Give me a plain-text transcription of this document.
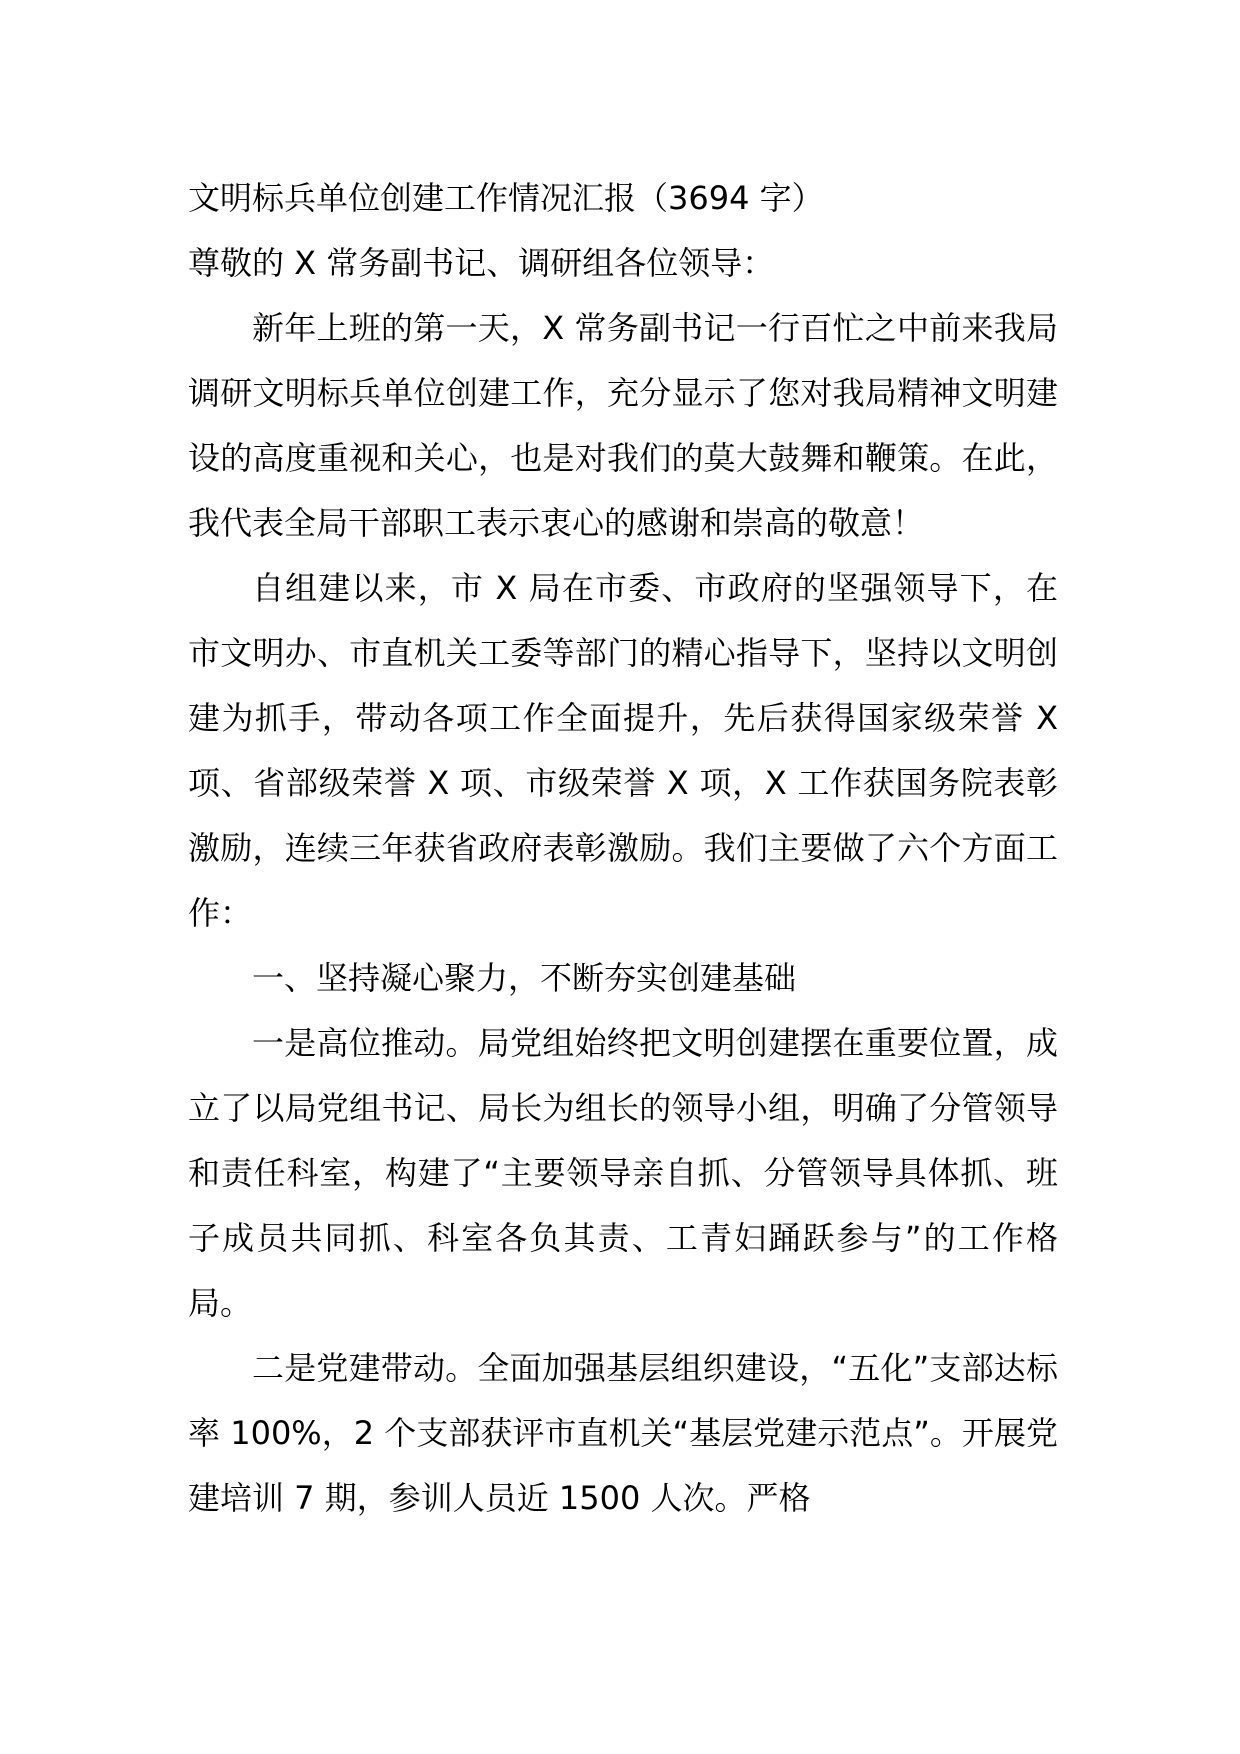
文明标兵单位创建工作情况汇报（3694 字）

尊敬的 X 常务副书记、调研组各位领导：

新年上班的第一天，X 常务副书记一行百忙之中前来我局调研文明标兵单位创建工作，充分显示了您对我局精神文明建设的高度重视和关心，也是对我们的莫大鼓舞和鞭策。在此，我代表全局干部职工表示衷心的感谢和崇高的敬意！

自组建以来，市 X 局在市委、市政府的坚强领导下，在市文明办、市直机关工委等部门的精心指导下，坚持以文明创建为抓手，带动各项工作全面提升，先后获得国家级荣誉 X 项、省部级荣誉 X 项、市级荣誉 X 项，X 工作获国务院表彰激励，连续三年获省政府表彰激励。我们主要做了六个方面工作：

一、坚持凝心聚力，不断夯实创建基础

一是高位推动。局党组始终把文明创建摆在重要位置，成立了以局党组书记、局长为组长的领导小组，明确了分管领导和责任科室，构建了“主要领导亲自抓、分管领导具体抓、班子成员共同抓、科室各负其责、工青妇踊跃参与”的工作格局。

二是党建带动。全面加强基层组织建设，“五化”支部达标率 100%，2 个支部获评市直机关“基层党建示范点”。开展党建培训 7 期，参训人员近 1500 人次。严格
